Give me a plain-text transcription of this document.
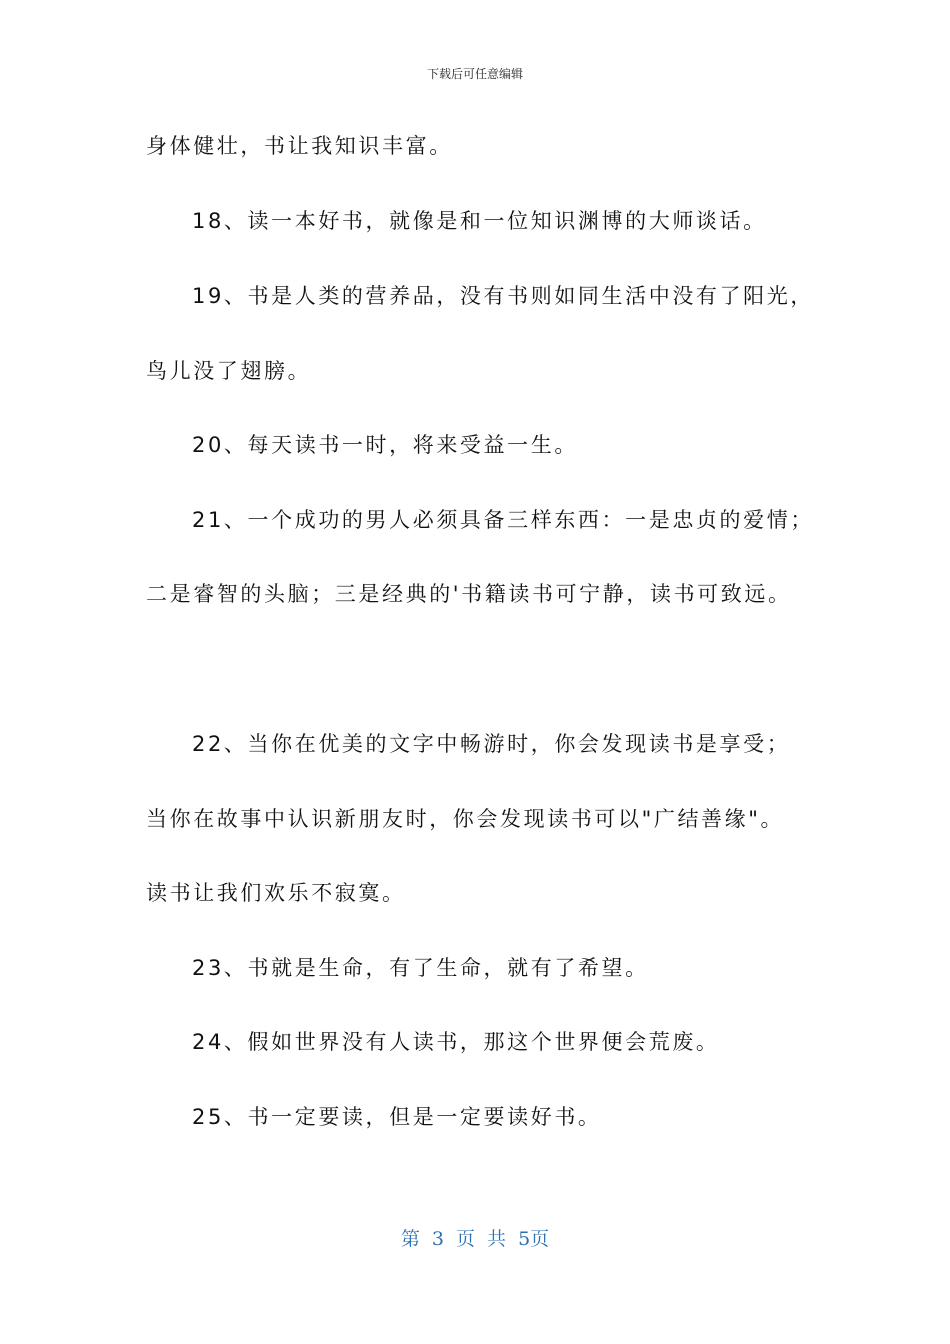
下载后可任意编辑
身体健壮，书让我知识丰富。
18、读一本好书，就像是和一位知识渊博的大师谈话。
19、书是人类的营养品，没有书则如同生活中没有了阳光，
鸟儿没了翅膀。
20、每天读书一时，将来受益一生。
21、一个成功的男人必须具备三样东西：一是忠贞的爱情；
二是睿智的头脑；三是经典的'书籍读书可宁静，读书可致远。
22、当你在优美的文字中畅游时，你会发现读书是享受；
当你在故事中认识新朋友时，你会发现读书可以"广结善缘"。
读书让我们欢乐不寂寞。
23、书就是生命，有了生命，就有了希望。
24、假如世界没有人读书，那这个世界便会荒废。
25、书一定要读，但是一定要读好书。
第 3 页 共 5页
